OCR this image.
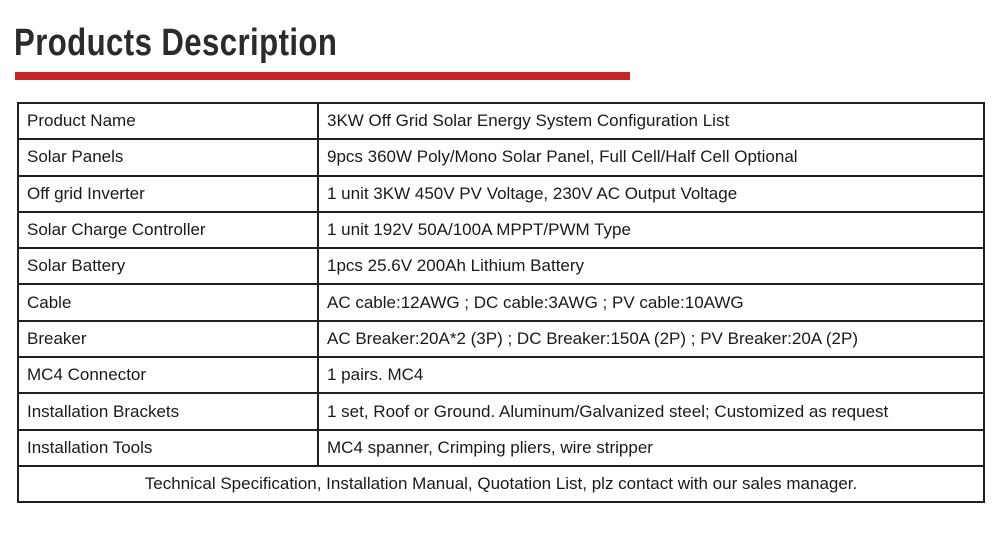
Products Description
Product Name	3KW Off Grid Solar Energy System Configuration List
Solar Panels	9pcs 360W Poly/Mono Solar Panel, Full Cell/Half Cell Optional
Off grid Inverter	1 unit 3KW 450V PV Voltage, 230V AC Output Voltage
Solar Charge Controller	1 unit 192V 50A/100A MPPT/PWM Type
Solar Battery	1pcs 25.6V 200Ah Lithium Battery
Cable	AC cable:12AWG ; DC cable:3AWG ; PV cable:10AWG
Breaker	AC Breaker:20A*2 (3P) ; DC Breaker:150A (2P) ; PV Breaker:20A (2P)
MC4 Connector	1 pairs. MC4
Installation Brackets	1 set, Roof or Ground. Aluminum/Galvanized steel; Customized as request
Installation Tools	MC4 spanner, Crimping pliers, wire stripper
Technical Specification, Installation Manual, Quotation List, plz contact with our sales manager.	
